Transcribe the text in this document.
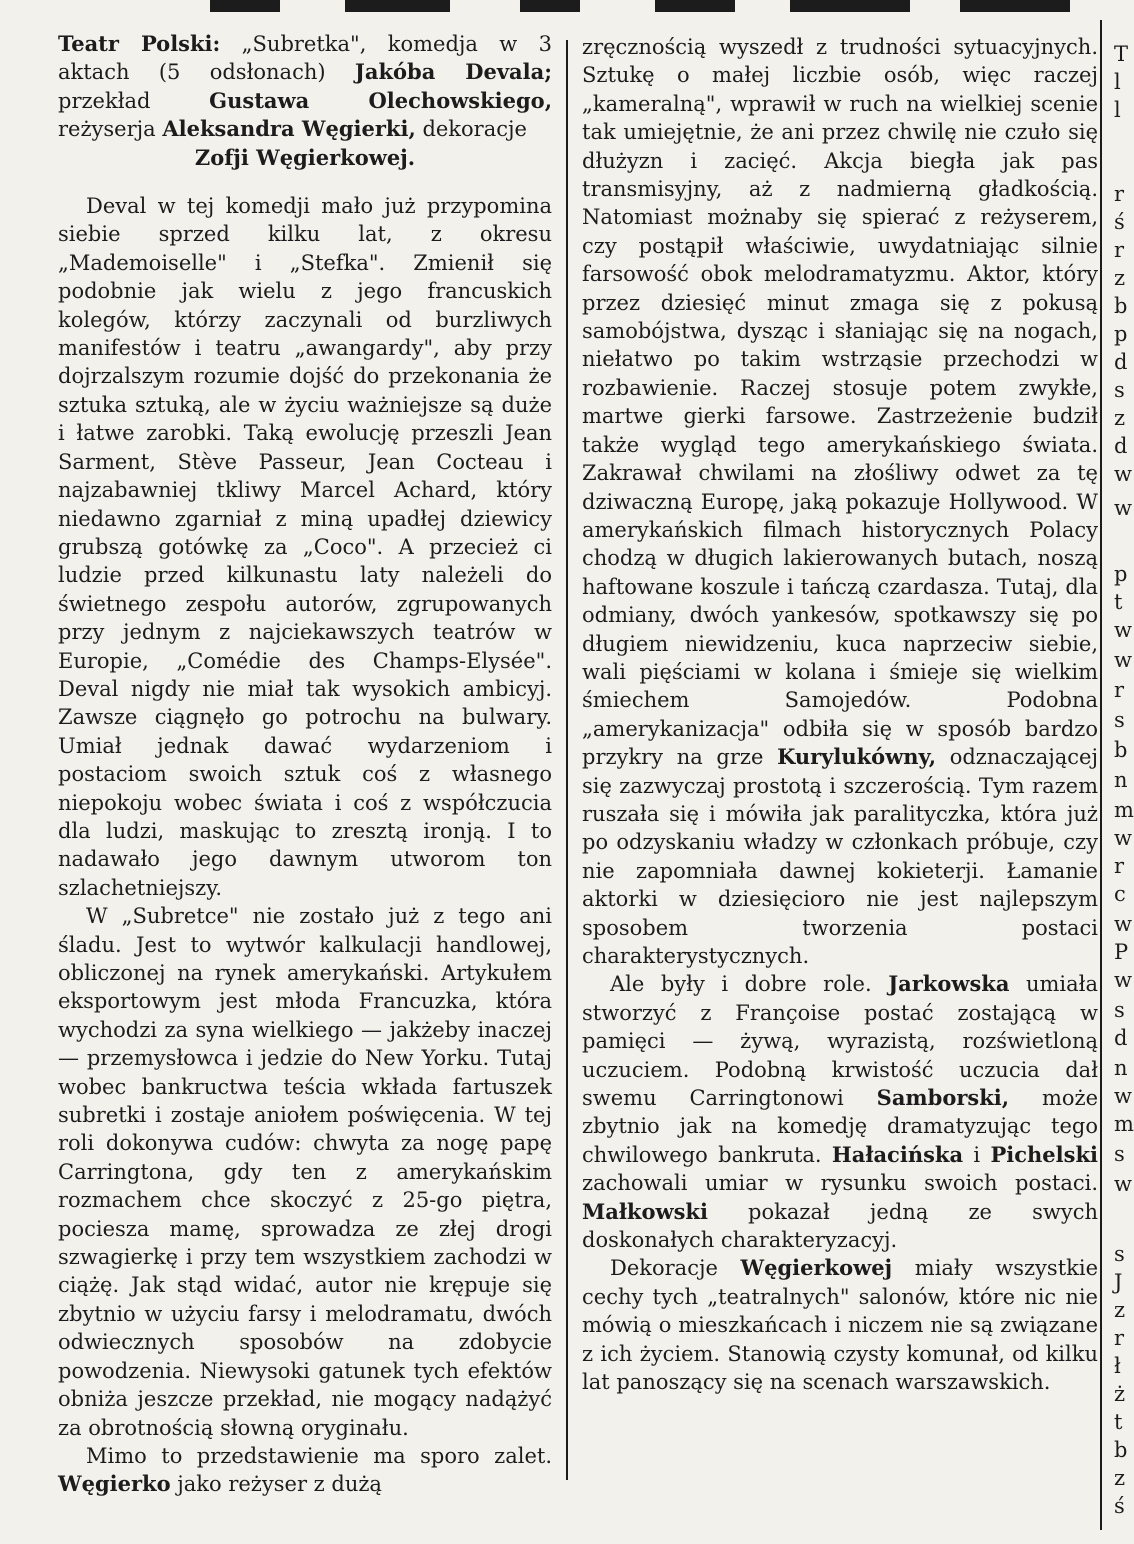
Teatr Polski: „Subretka", komedja w 3 aktach (5 odsłonach) Jakóba Devala; przekład Gustawa Olechowskiego, reżyserja Aleksandra Węgierki, dekoracje
Zofji Węgierkowej.

Deval w tej komedji mało już przypomina siebie sprzed kilku lat, z okresu „Mademoiselle" i „Stefka". Zmienił się podobnie jak wielu z jego francuskich kolegów, którzy zaczynali od burzliwych manifestów i teatru „awangardy", aby przy dojrzalszym rozumie dojść do przekonania że sztuka sztuką, ale w życiu ważniejsze są duże i łatwe zarobki. Taką ewolucję przeszli Jean Sarment, Stève Passeur, Jean Cocteau i najzabawniej tkliwy Marcel Achard, który niedawno zgarniał z miną upadłej dziewicy grubszą gotówkę za „Coco". A przecież ci ludzie przed kilkunastu laty należeli do świetnego zespołu autorów, zgrupowanych przy jednym z najciekawszych teatrów w Europie, „Comédie des Champs-Elysée". Deval nigdy nie miał tak wysokich ambicyj. Zawsze ciągnęło go potrochu na bulwary. Umiał jednak dawać wydarzeniom i postaciom swoich sztuk coś z własnego niepokoju wobec świata i coś z współczucia dla ludzi, maskując to zresztą ironją. I to nadawało jego dawnym utworom ton szlachetniejszy.

W „Subretce" nie zostało już z tego ani śladu. Jest to wytwór kalkulacji handlowej, obliczonej na rynek amerykański. Artykułem eksportowym jest młoda Francuzka, która wychodzi za syna wielkiego — jakżeby inaczej — przemysłowca i jedzie do New Yorku. Tutaj wobec bankructwa teścia wkłada fartuszek subretki i zostaje aniołem poświęcenia. W tej roli dokonywa cudów: chwyta za nogę papę Carringtona, gdy ten z amerykańskim rozmachem chce skoczyć z 25-go piętra, pociesza mamę, sprowadza ze złej drogi szwagierkę i przy tem wszystkiem zachodzi w ciążę. Jak stąd widać, autor nie krępuje się zbytnio w użyciu farsy i melodramatu, dwóch odwiecznych sposobów na zdobycie powodzenia. Niewysoki gatunek tych efektów obniża jeszcze przekład, nie mogący nadążyć za obrotnością słowną oryginału.

Mimo to przedstawienie ma sporo zalet. Węgierko jako reżyser z dużą

zręcznością wyszedł z trudności sytuacyjnych. Sztukę o małej liczbie osób, więc raczej „kameralną", wprawił w ruch na wielkiej scenie tak umiejętnie, że ani przez chwilę nie czuło się dłużyzn i zacięć. Akcja biegła jak pas transmisyjny, aż z nadmierną gładkością. Natomiast możnaby się spierać z reżyserem, czy postąpił właściwie, uwydatniając silnie farsowość obok melodramatyzmu. Aktor, który przez dziesięć minut zmaga się z pokusą samobójstwa, dysząc i słaniając się na nogach, niełatwo po takim wstrząsie przechodzi w rozbawienie. Raczej stosuje potem zwykłe, martwe gierki farsowe. Zastrzeżenie budził także wygląd tego amerykańskiego świata. Zakrawał chwilami na złośliwy odwet za tę dziwaczną Europę, jaką pokazuje Hollywood. W amerykańskich filmach historycznych Polacy chodzą w długich lakierowanych butach, noszą haftowane koszule i tańczą czardasza. Tutaj, dla odmiany, dwóch yankesów, spotkawszy się po długiem niewidzeniu, kuca naprzeciw siebie, wali pięściami w kolana i śmieje się wielkim śmiechem Samojedów. Podobna „amerykanizacja" odbiła się w sposób bardzo przykry na grze Kurylukówny, odznaczającej się zazwyczaj prostotą i szczerością. Tym razem ruszała się i mówiła jak paralityczka, która już po odzyskaniu władzy w członkach próbuje, czy nie zapomniała dawnej kokieterji. Łamanie aktorki w dziesięcioro nie jest najlepszym sposobem tworzenia postaci charakterystycznych.

Ale były i dobre role. Jarkowska umiała stworzyć z Françoise postać zostającą w pamięci — żywą, wyrazistą, rozświetloną uczuciem. Podobną krwistość uczucia dał swemu Carringtonowi Samborski, może zbytnio jak na komedję dramatyzując tego chwilowego bankruta. Hałacińska i Pichelski zachowali umiar w rysunku swoich postaci. Małkowski pokazał jedną ze swych doskonałych charakteryzacyj.

Dekoracje Węgierkowej miały wszystkie cechy tych „teatralnych" salonów, które nic nie mówią o mieszkańcach i niczem nie są związane z ich życiem. Stanowią czysty komunał, od kilku lat panoszący się na scenach warszawskich.

T
l
l
r
ś
r
z
b
p
d
s
z
d
w
w
p
t
w
w
r
s
b
n
m
w
r
c
w
P
w
s
d
n
w
m
s
w
s
J
z
r
ł
ż
t
b
z
ś
